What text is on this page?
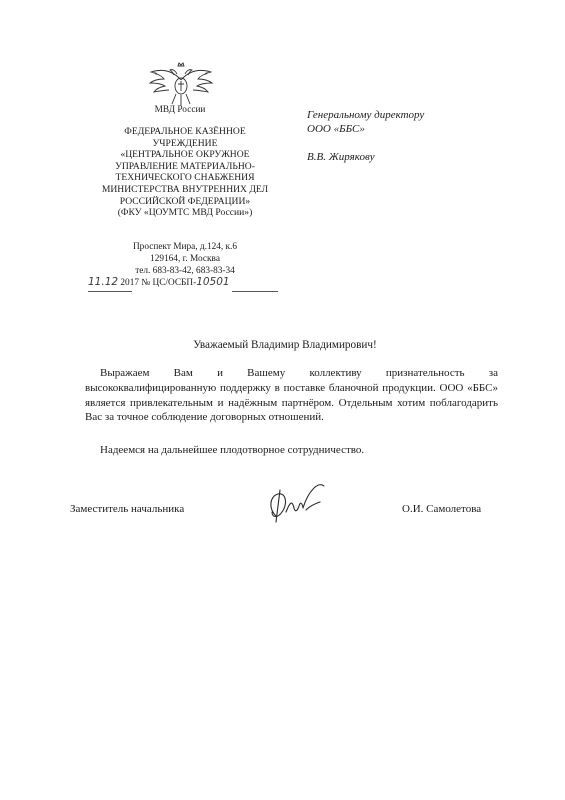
МВД России
ФЕДЕРАЛЬНОЕ КАЗЁННОЕ
УЧРЕЖДЕНИЕ
«ЦЕНТРАЛЬНОЕ ОКРУЖНОЕ
УПРАВЛЕНИЕ МАТЕРИАЛЬНО-
ТЕХНИЧЕСКОГО СНАБЖЕНИЯ
МИНИСТЕРСТВА ВНУТРЕННИХ ДЕЛ
РОССИЙСКОЙ ФЕДЕРАЦИИ»
(ФКУ «ЦОУМТС МВД России»)
Проспект Мира, д.124, к.6
129164, г. Москва
тел. 683-83-42, 683-83-34
11.12 2017 № ЦС/ОСБП-10501
Генеральному директору
ООО «ББС»
В.В. Жирякову
Уважаемый Владимир Владимирович!
Выражаем Вам и Вашему коллективу признательность за
высококвалифицированную поддержку в поставке бланочной продукции. ООО «ББС» является привлекательным и надёжным партнёром. Отдельным хотим поблагодарить Вас за точное соблюдение договорных отношений.
Надеемся на дальнейшее плодотворное сотрудничество.
Заместитель начальника	О.И. Самолетова
